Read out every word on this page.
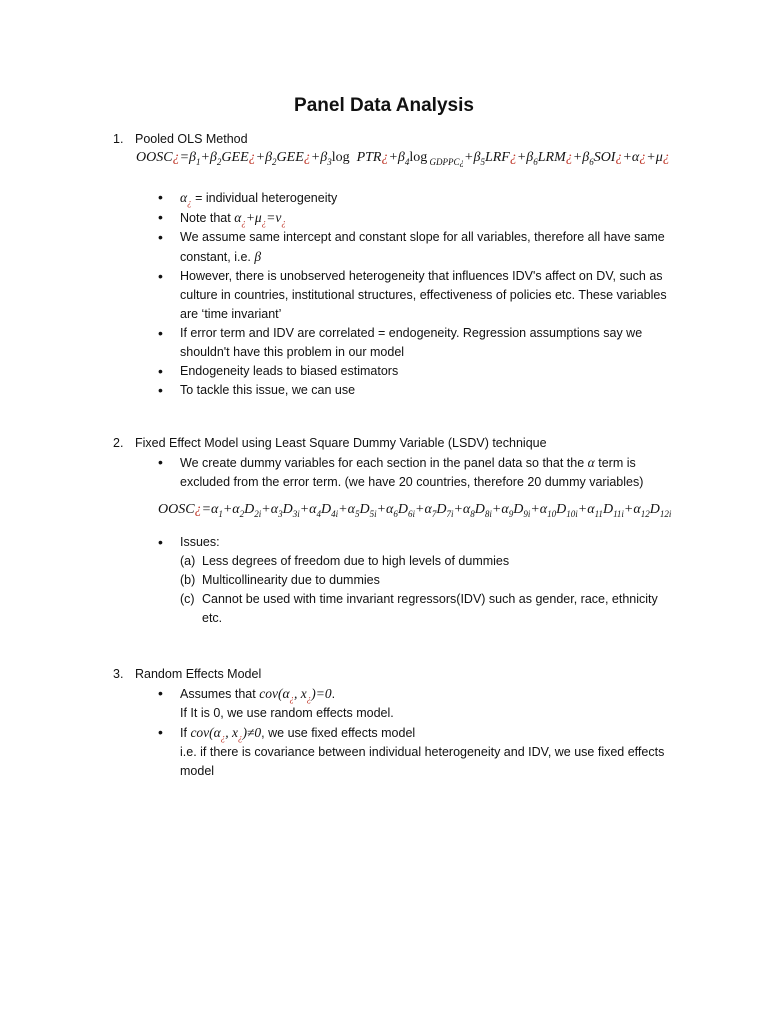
Panel Data Analysis
1. Pooled OLS Method
$OOSC¿=\beta_1+\beta_2GEE¿+\beta_2GEE¿+\beta_3\log$  $PTR¿+\beta_4\log$ $_{GDPPC¿}+\beta_5LRF¿+\beta_6LRM¿+\beta_6SOI¿+\alpha¿+\mu¿$
• $\alpha_¿$ = individual heterogeneity
• Note that $\alpha_¿+\mu_¿=v_¿$
• We assume same intercept and constant slope for all variables, therefore all have same constant, i.e. β
• However, there is unobserved heterogeneity that influences IDV's affect on DV, such as culture in countries, institutional structures, effectiveness of policies etc. These variables are ‘time invariant’
• If error term and IDV are correlated = endogeneity. Regression assumptions say we shouldn't have this problem in our model
• Endogeneity leads to biased estimators
• To tackle this issue, we can use
2. Fixed Effect Model using Least Square Dummy Variable (LSDV) technique
• We create dummy variables for each section in the panel data so that the α term is excluded from the error term. (we have 20 countries, therefore 20 dummy variables)
$OOSC¿=\alpha_1+\alpha_2D_{2i}+\alpha_3D_{3i}+\alpha_4D_{4i}+\alpha_5D_{5i}+\alpha_6D_{6i}+\alpha_7D_{7i}+\alpha_8D_{8i}+\alpha_9D_{9i}+\alpha_{10}D_{10i}+\alpha_{11}D_{11i}+\alpha_{12}D_{12i}$
• Issues:
(a) Less degrees of freedom due to high levels of dummies
(b) Multicollinearity due to dummies
(c) Cannot be used with time invariant regressors(IDV) such as gender, race, ethnicity etc.
3. Random Effects Model
• Assumes that $cov(\alpha_¿$, $x_¿)=0$.
If It is 0, we use random effects model.
• If $cov(\alpha_¿$, $x_¿)\ne 0$, we use fixed effects model
i.e. if there is covariance between individual heterogeneity and IDV, we use fixed effects model
